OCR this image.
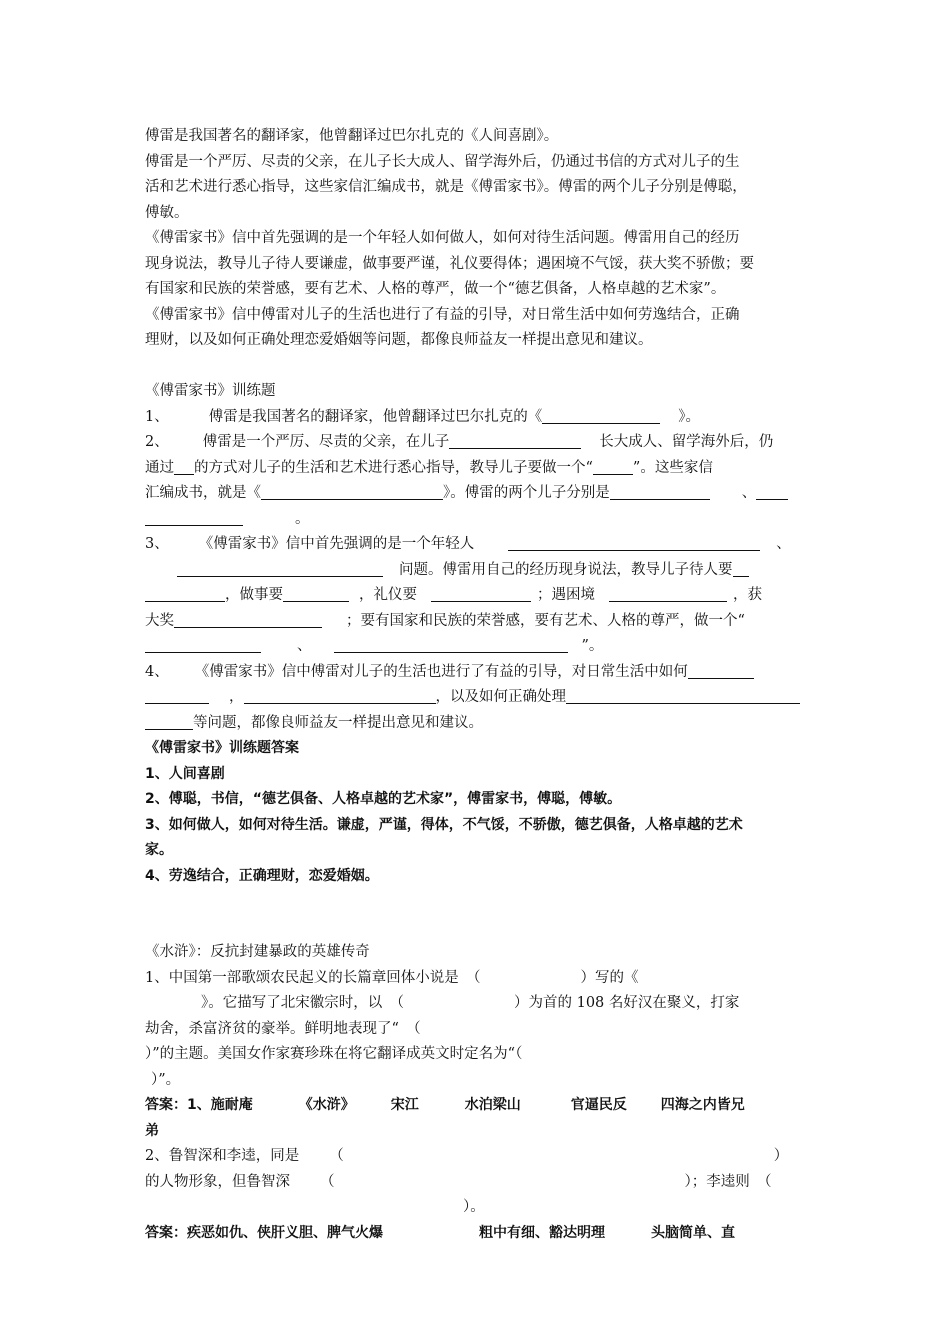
傅雷是我国著名的翻译家，他曾翻译过巴尔扎克的《人间喜剧》。
傅雷是一个严厉、尽责的父亲，在儿子长大成人、留学海外后，仍通过书信的方式对儿子的生
活和艺术进行悉心指导，这些家信汇编成书，就是《傅雷家书》。傅雷的两个儿子分别是傅聪，
傅敏。
《傅雷家书》信中首先强调的是一个年轻人如何做人，如何对待生活问题。傅雷用自己的经历
现身说法，教导儿子待人要谦虚，做事要严谨，礼仪要得体；遇困境不气馁，获大奖不骄傲；要
有国家和民族的荣誉感，要有艺术、人格的尊严，做一个“德艺俱备，人格卓越的艺术家”。
《傅雷家书》信中傅雷对儿子的生活也进行了有益的引导，对日常生活中如何劳逸结合，正确
理财，以及如何正确处理恋爱婚姻等问题，都像良师益友一样提出意见和建议。
《傅雷家书》训练题
1、	傅雷是我国著名的翻译家，他曾翻译过巴尔扎克的《	》。
2、 傅雷是一个严厉、尽责的父亲，在儿子	长大成人、留学海外后，仍
通过 的方式对儿子的生活和艺术进行悉心指导，教导儿子要做一个“	”。这些家信
汇编成书，就是《	》。傅雷的两个儿子分别是	、
。
3、 《傅雷家书》信中首先强调的是一个年轻人	、
问题。傅雷用自己的经历现身说法，教导儿子待人要
，做事要	，礼仪要	；遇困境	，获
大奖	；要有国家和民族的荣誉感，要有艺术、人格的尊严，做一个“
、	”。
4、 《傅雷家书》信中傅雷对儿子的生活也进行了有益的引导，对日常生活中如何
，	，以及如何正确处理
等问题，都像良师益友一样提出意见和建议。
《傅雷家书》训练题答案
1、人间喜剧
2、傅聪，书信，“德艺俱备、人格卓越的艺术家”，傅雷家书，傅聪，傅敏。
3、如何做人，如何对待生活。谦虚，严谨，得体，不气馁，不骄傲，德艺俱备，人格卓越的艺术
家。
4、劳逸结合，正确理财，恋爱婚姻。
《水浒》：反抗封建暴政的英雄传奇
1、中国第一部歌颂农民起义的长篇章回体小说是　（	）写的《
》。它描写了北宋徽宗时，以　（	）为首的 108 名好汉在聚义，打家
劫舍，杀富济贫的豪举。鲜明地表现了“　（
）”的主题。美国女作家赛珍珠在将它翻译成英文时定名为“（
）”。
答案：1、施耐庵	《水浒》	宋江	水泊梁山	官逼民反 四海之内皆兄
弟
2、鲁智深和李逵，同是 （	）
的人物形象，但鲁智深 （	）；李逵则　（
）。
答案：疾恶如仇、侠肝义胆、脾气火爆	粗中有细、豁达明理	头脑简单、直
